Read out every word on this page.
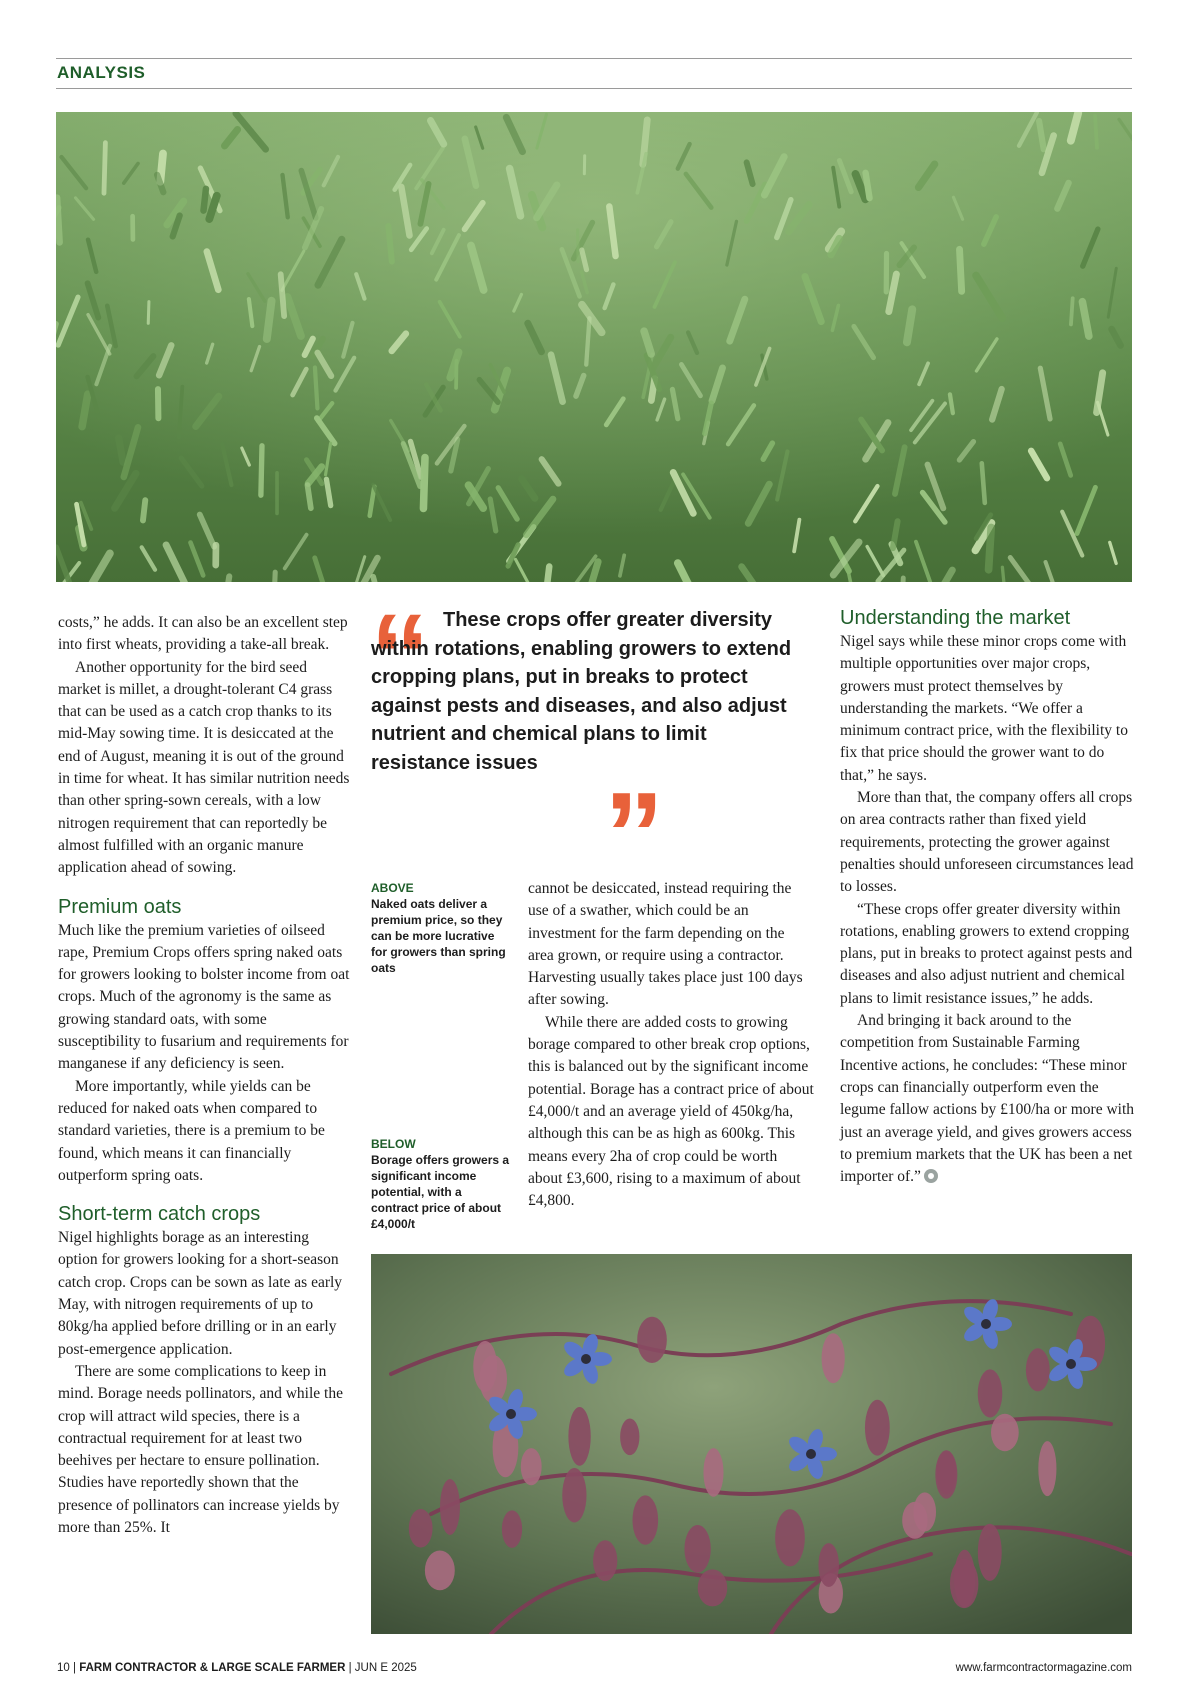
ANALYSIS

costs,” he adds. It can also be an excellent step into first wheats, providing a take-all break.

Another opportunity for the bird seed market is millet, a drought-tolerant C4 grass that can be used as a catch crop thanks to its mid-May sowing time. It is desiccated at the end of August, meaning it is out of the ground in time for wheat. It has similar nutrition needs than other spring-sown cereals, with a low nitrogen requirement that can reportedly be almost fulfilled with an organic manure application ahead of sowing.

Premium oats

Much like the premium varieties of oilseed rape, Premium Crops offers spring naked oats for growers looking to bolster income from oat crops. Much of the agronomy is the same as growing standard oats, with some susceptibility to fusarium and requirements for manganese if any deficiency is seen.

More importantly, while yields can be reduced for naked oats when compared to standard varieties, there is a premium to be found, which means it can financially outperform spring oats.

Short-term catch crops

Nigel highlights borage as an interesting option for growers looking for a short-season catch crop. Crops can be sown as late as early May, with nitrogen requirements of up to 80kg/ha applied before drilling or in an early post-emergence application.

There are some complications to keep in mind. Borage needs pollinators, and while the crop will attract wild species, there is a contractual requirement for at least two beehives per hectare to ensure pollination. Studies have reportedly shown that the presence of pollinators can increase yields by more than 25%. It

“ These crops offer greater diversity within rotations, enabling growers to extend cropping plans, put in breaks to protect against pests and diseases, and also adjust nutrient and chemical plans to limit resistance issues
”
ABOVE
Naked oats deliver a premium price, so they can be more lucrative for growers than spring oats
BELOW
Borage offers growers a significant income potential, with a contract price of about £4,000/t

cannot be desiccated, instead requiring the use of a swather, which could be an investment for the farm depending on the area grown, or require using a contractor. Harvesting usually takes place just 100 days after sowing.

While there are added costs to growing borage compared to other break crop options, this is balanced out by the significant income potential. Borage has a contract price of about £4,000/t and an average yield of 450kg/ha, although this can be as high as 600kg. This means every 2ha of crop could be worth about £3,600, rising to a maximum of about £4,800.

Understanding the market

Nigel says while these minor crops come with multiple opportunities over major crops, growers must protect themselves by understanding the markets. “We offer a minimum contract price, with the flexibility to fix that price should the grower want to do that,” he says.

More than that, the company offers all crops on area contracts rather than fixed yield requirements, protecting the grower against penalties should unforeseen circumstances lead to losses.

“These crops offer greater diversity within rotations, enabling growers to extend cropping plans, put in breaks to protect against pests and diseases and also adjust nutrient and chemical plans to limit resistance issues,” he adds.

And bringing it back around to the competition from Sustainable Farming Incentive actions, he concludes: “These minor crops can financially outperform even the legume fallow actions by £100/ha or more with just an average yield, and gives growers access to premium markets that the UK has been a net importer of.”

10 | FARM CONTRACTOR & LARGE SCALE FARMER | JUN E 2025	www.farmcontractormagazine.com
